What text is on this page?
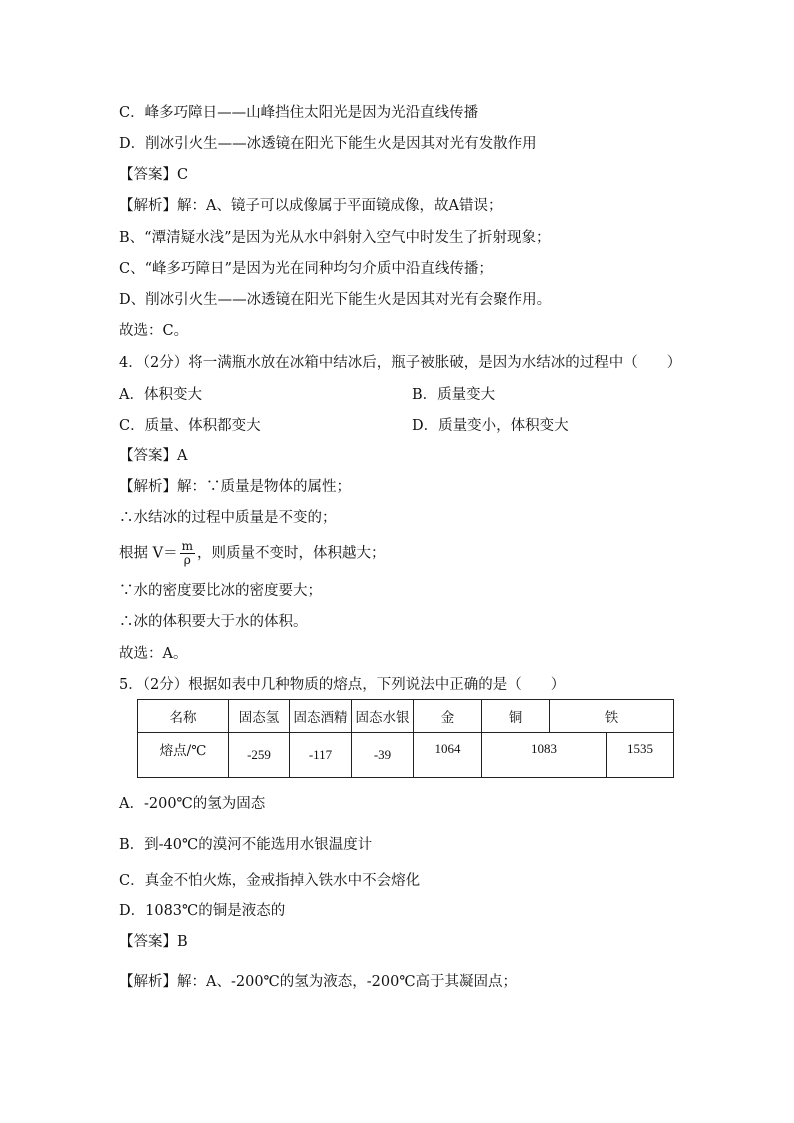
C．峰多巧障日——山峰挡住太阳光是因为光沿直线传播
D．削冰引火生——冰透镜在阳光下能生火是因其对光有发散作用
【答案】C
【解析】解：A、镜子可以成像属于平面镜成像，故A错误；
B、“潭清疑水浅”是因为光从水中斜射入空气中时发生了折射现象；
C、“峰多巧障日”是因为光在同种均匀介质中沿直线传播；
D、削冰引火生——冰透镜在阳光下能生火是因其对光有会聚作用。
故选：C。
4．（2分）将一满瓶水放在冰箱中结冰后，瓶子被胀破，是因为水结冰的过程中（　　）
A．体积变大	B．质量变大
C．质量、体积都变大	D．质量变小，体积变大
【答案】A
【解析】解：∵质量是物体的属性；
∴水结冰的过程中质量是不变的；
根据 $V= \frac{m}{\rho}$ ，则质量不变时，体积越大；
∵水的密度要比冰的密度要大；
∴冰的体积要大于水的体积。
故选：A。
5．（2分）根据如表中几种物质的熔点，下列说法中正确的是（　　）
名称	固态氢	固态酒精	固态水银	金	铜	铁	
熔点/℃	-259	-117	-39	1064	1083		1535
A．-200℃的氢为固态
B．到-40℃的漠河不能选用水银温度计
C．真金不怕火炼，金戒指掉入铁水中不会熔化
D．1083℃的铜是液态的
【答案】B
【解析】解：A、-200℃的氢为液态，-200℃高于其凝固点；
